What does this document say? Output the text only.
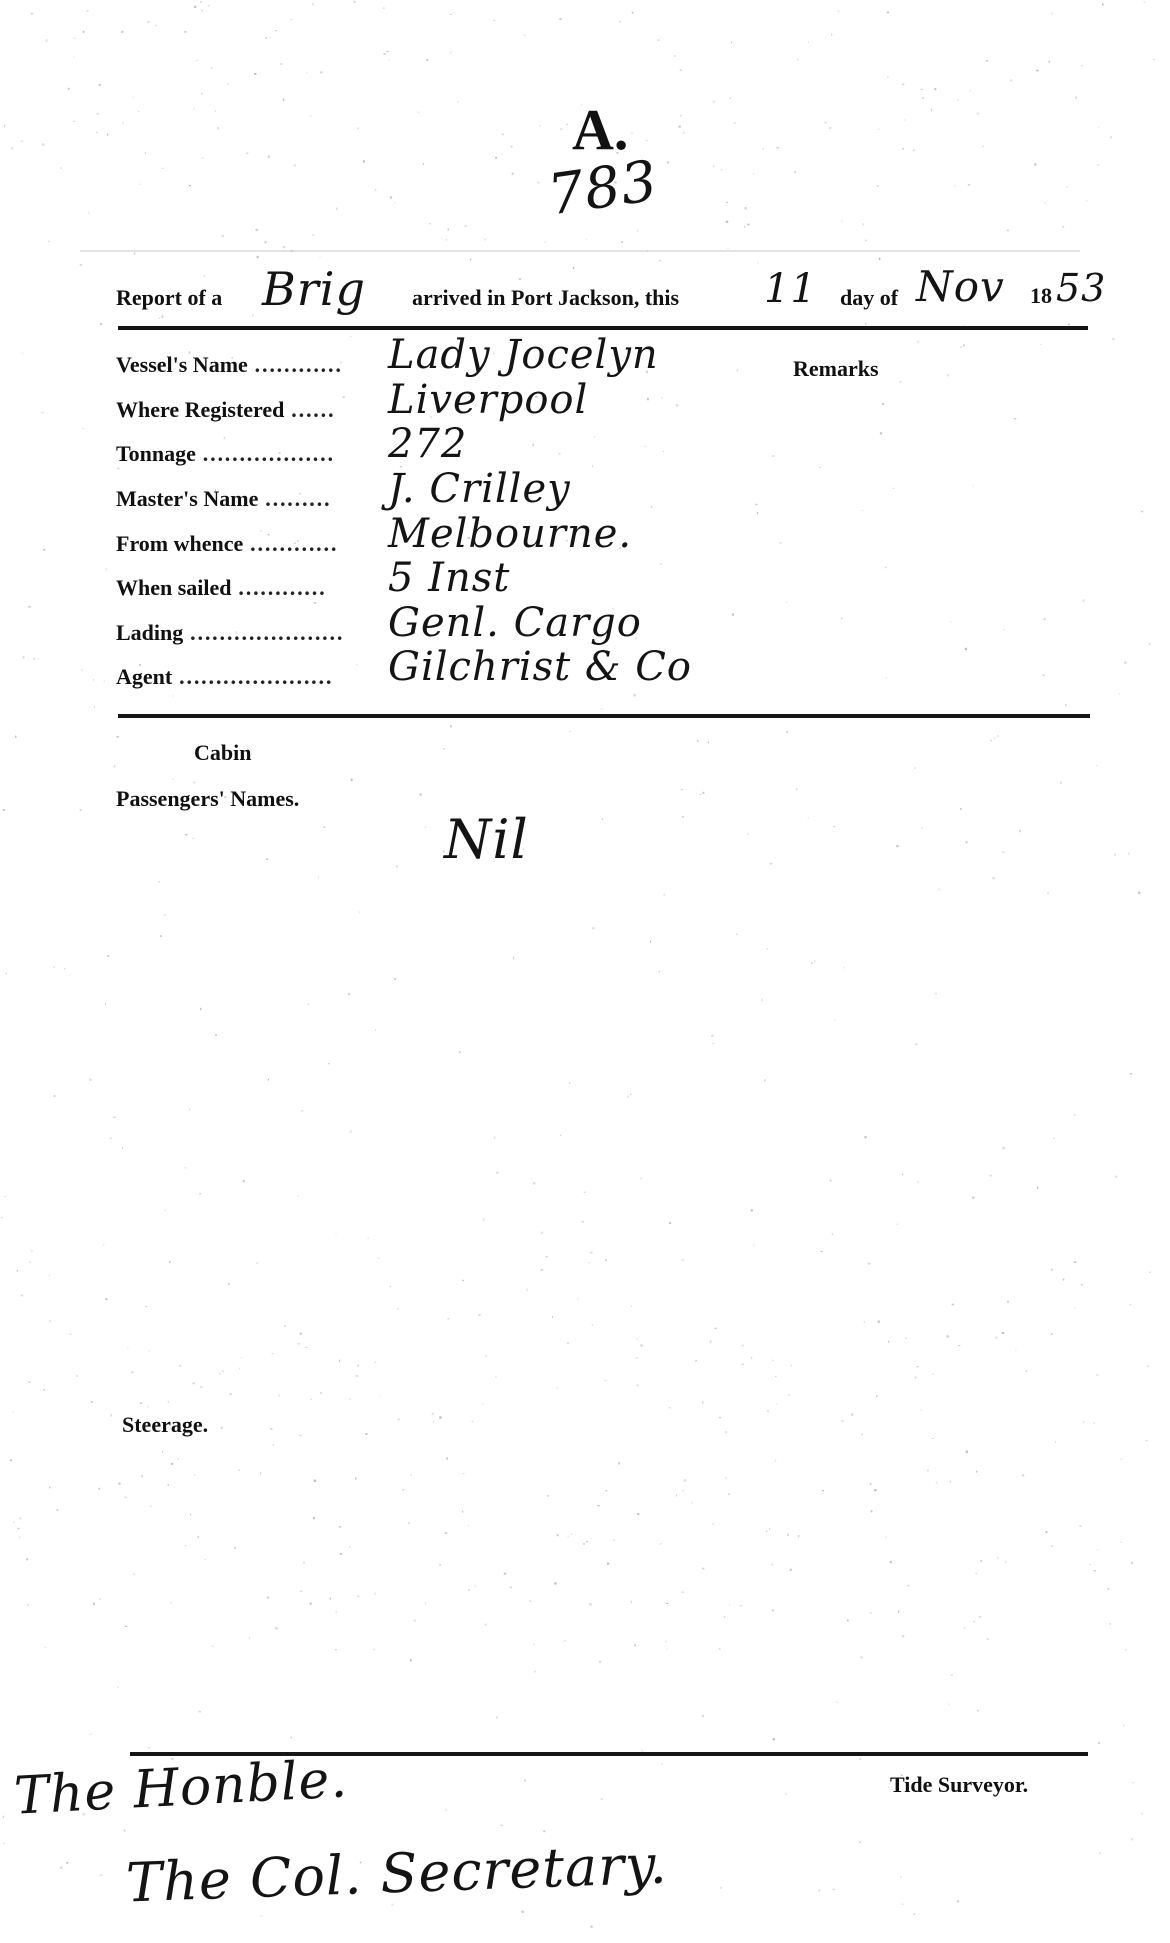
A.
783
Report of a Brig arrived in Port Jackson, this 11 day of Nov 18 53
Remarks
Vessel's Name ………… Lady Jocelyn
Where Registered …… Liverpool
Tonnage ……………… 272
Master's Name ……… J. Crilley
From whence ………… Melbourne.
When sailed ………… 5 Inst
Lading ………………… Genl. Cargo
Agent ………………… Gilchrist & Co
Cabin
Passengers' Names.
Nil
Steerage.
Tide Surveyor.
The Honble.
The Col. Secretary.
